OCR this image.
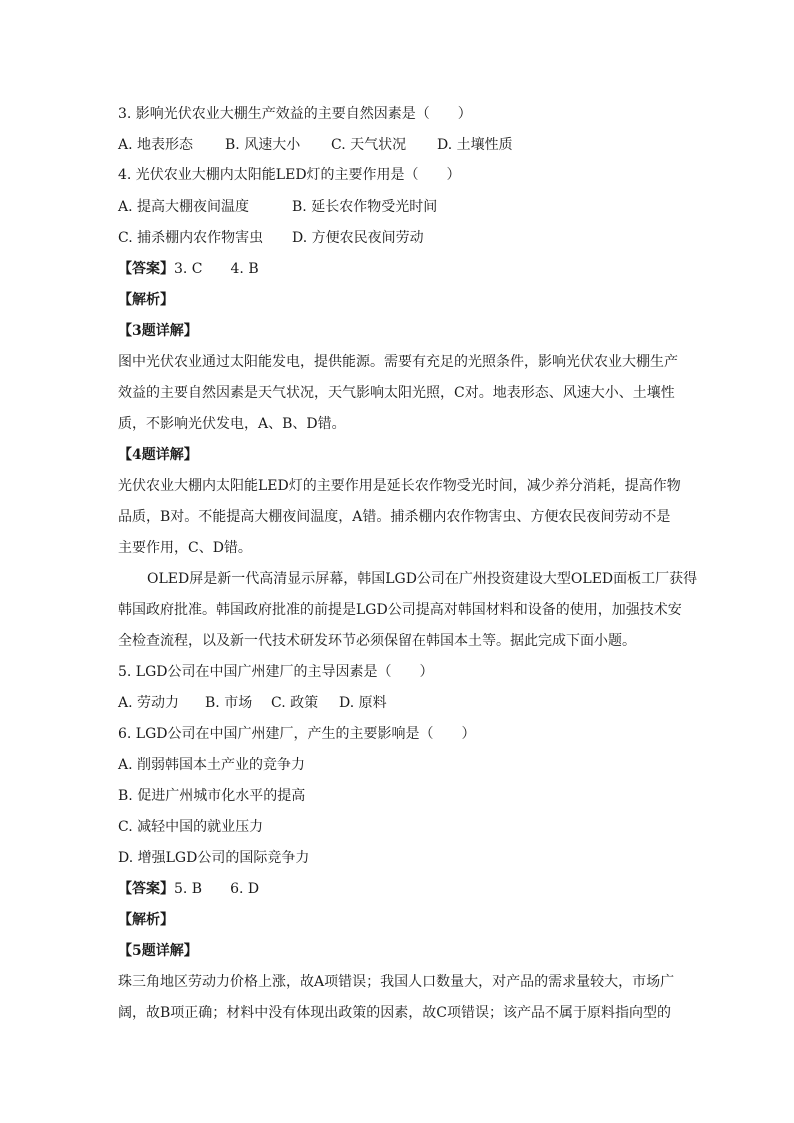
3. 影响光伏农业大棚生产效益的主要自然因素是（　　）
A. 地表形态 B. 风速大小 C. 天气状况 D. 土壤性质
4. 光伏农业大棚内太阳能LED灯的主要作用是（　　）
A. 提高大棚夜间温度	B. 延长农作物受光时间
C. 捕杀棚内农作物害虫 D. 方便农民夜间劳动
【答案】3. C　　4. B
【解析】
【3题详解】
图中光伏农业通过太阳能发电，提供能源。需要有充足的光照条件，影响光伏农业大棚生产
效益的主要自然因素是天气状况，天气影响太阳光照，C对。地表形态、风速大小、土壤性
质，不影响光伏发电，A、B、D错。
【4题详解】
光伏农业大棚内太阳能LED灯的主要作用是延长农作物受光时间，减少养分消耗，提高作物
品质，B对。不能提高大棚夜间温度，A错。捕杀棚内农作物害虫、方便农民夜间劳动不是
主要作用，C、D错。
OLED屏是新一代高清显示屏幕，韩国LGD公司在广州投资建设大型OLED面板工厂获得
韩国政府批准。韩国政府批准的前提是LGD公司提高对韩国材料和设备的使用，加强技术安
全检查流程，以及新一代技术研发环节必须保留在韩国本土等。据此完成下面小题。
5. LGD公司在中国广州建厂的主导因素是（　　）
A. 劳动力 B. 市场 C. 政策 D. 原料
6. LGD公司在中国广州建厂，产生的主要影响是（　　）
A. 削弱韩国本土产业的竞争力
B. 促进广州城市化水平的提高
C. 减轻中国的就业压力
D. 增强LGD公司的国际竞争力
【答案】5. B　　6. D
【解析】
【5题详解】
珠三角地区劳动力价格上涨，故A项错误；我国人口数量大，对产品的需求量较大，市场广
阔，故B项正确；材料中没有体现出政策的因素，故C项错误；该产品不属于原料指向型的
